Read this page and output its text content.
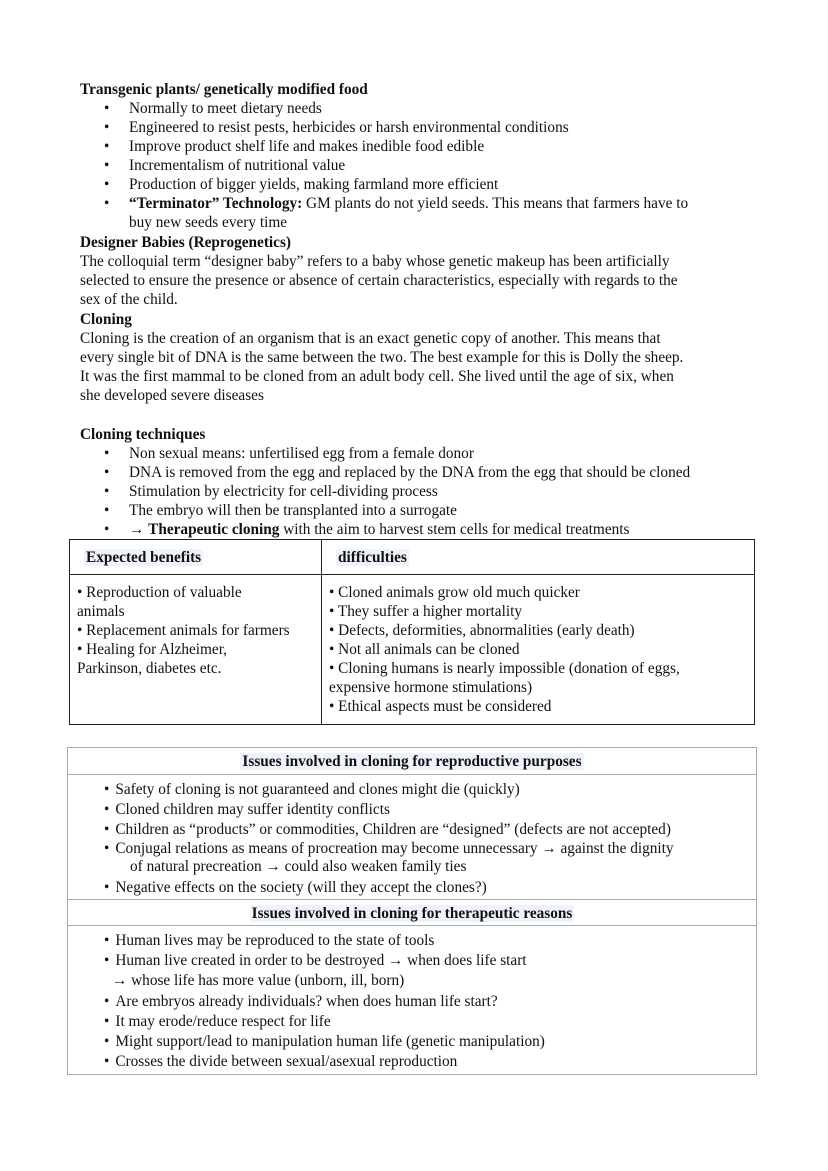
Transgenic plants/ genetically modified food
• Normally to meet dietary needs
• Engineered to resist pests, herbicides or harsh environmental conditions
• Improve product shelf life and makes inedible food edible
• Incrementalism of nutritional value
• Production of bigger yields, making farmland more efficient
• “Terminator” Technology: GM plants do not yield seeds. This means that farmers have to
buy new seeds every time
Designer Babies (Reprogenetics)
The colloquial term “designer baby” refers to a baby whose genetic makeup has been artificially
selected to ensure the presence or absence of certain characteristics, especially with regards to the
sex of the child.
Cloning
Cloning is the creation of an organism that is an exact genetic copy of another. This means that
every single bit of DNA is the same between the two. The best example for this is Dolly the sheep.
It was the first mammal to be cloned from an adult body cell. She lived until the age of six, when
she developed severe diseases
Cloning techniques
• Non sexual means: unfertilised egg from a female donor
• DNA is removed from the egg and replaced by the DNA from the egg that should be cloned
• Stimulation by electricity for cell-dividing process
• The embryo will then be transplanted into a surrogate
• → Therapeutic cloning with the aim to harvest stem cells for medical treatments
Expected benefits	difficulties
• Reproduction of valuable
animals
• Replacement animals for farmers
• Healing for Alzheimer,
Parkinson, diabetes etc.
• Cloned animals grow old much quicker
• They suffer a higher mortality
• Defects, deformities, abnormalities (early death)
• Not all animals can be cloned
• Cloning humans is nearly impossible (donation of eggs,
expensive hormone stimulations)
• Ethical aspects must be considered
Issues involved in cloning for reproductive purposes
• Safety of cloning is not guaranteed and clones might die (quickly)
• Cloned children may suffer identity conflicts
• Children as “products” or commodities, Children are “designed” (defects are not accepted)
• Conjugal relations as means of procreation may become unnecessary → against the dignity
of natural precreation → could also weaken family ties
• Negative effects on the society (will they accept the clones?)
Issues involved in cloning for therapeutic reasons
• Human lives may be reproduced to the state of tools
• Human live created in order to be destroyed → when does life start
→ whose life has more value (unborn, ill, born)
• Are embryos already individuals? when does human life start?
• It may erode/reduce respect for life
• Might support/lead to manipulation human life (genetic manipulation)
• Crosses the divide between sexual/asexual reproduction
